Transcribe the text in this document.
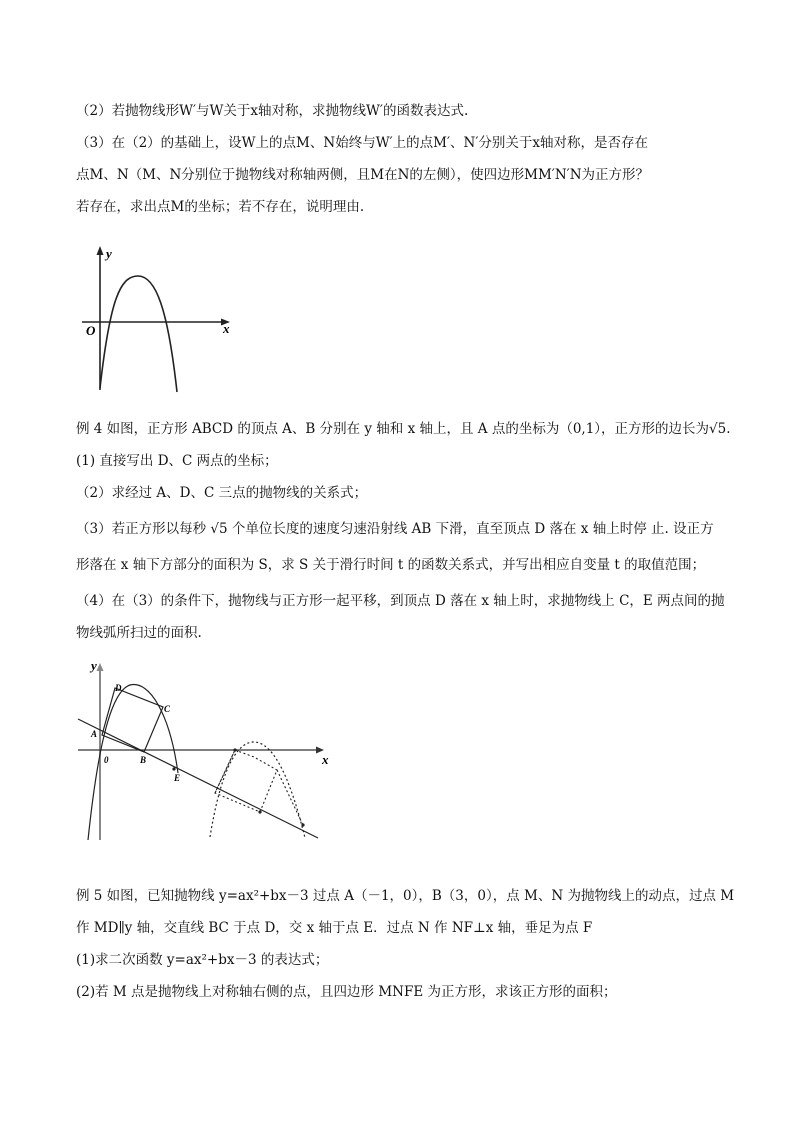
（2）若抛物线形W′与W关于x轴对称，求抛物线W′的函数表达式.
（3）在（2）的基础上，设W上的点M、N始终与W′上的点M′、N′分别关于x轴对称，是否存在
点M、N（M、N分别位于抛物线对称轴两侧，且M在N的左侧），使四边形MM′N′N为正方形？
若存在，求出点M的坐标；若不存在，说明理由.
y
x
O
例 4 如图，正方形 ABCD 的顶点 A、B 分别在 y 轴和 x 轴上，且 A 点的坐标为（0,1），正方形的边长为√5.
(1) 直接写出 D、C 两点的坐标；
（2）求经过 A、D、C 三点的抛物线的关系式；
（3）若正方形以每秒 √5 个单位长度的速度匀速沿射线 AB 下滑，直至顶点 D 落在 x 轴上时停 止. 设正方
形落在 x 轴下方部分的面积为 S，求 S 关于滑行时间 t 的函数关系式，并写出相应自变量 t 的取值范围；
（4）在（3）的条件下，抛物线与正方形一起平移，到顶点 D 落在 x 轴上时，求抛物线上 C，E 两点间的抛
物线弧所扫过的面积.
y
x
0
A
B
C
D
E
例 5 如图，已知抛物线 y=ax²+bx－3 过点 A（－1，0），B（3，0），点 M、N 为抛物线上的动点，过点 M
作 MD∥y 轴，交直线 BC 于点 D，交 x 轴于点 E．过点 N 作 NF⊥x 轴，垂足为点 F
(1)求二次函数 y=ax²+bx－3 的表达式；
(2)若 M 点是抛物线上对称轴右侧的点，且四边形 MNFE 为正方形，求该正方形的面积；
